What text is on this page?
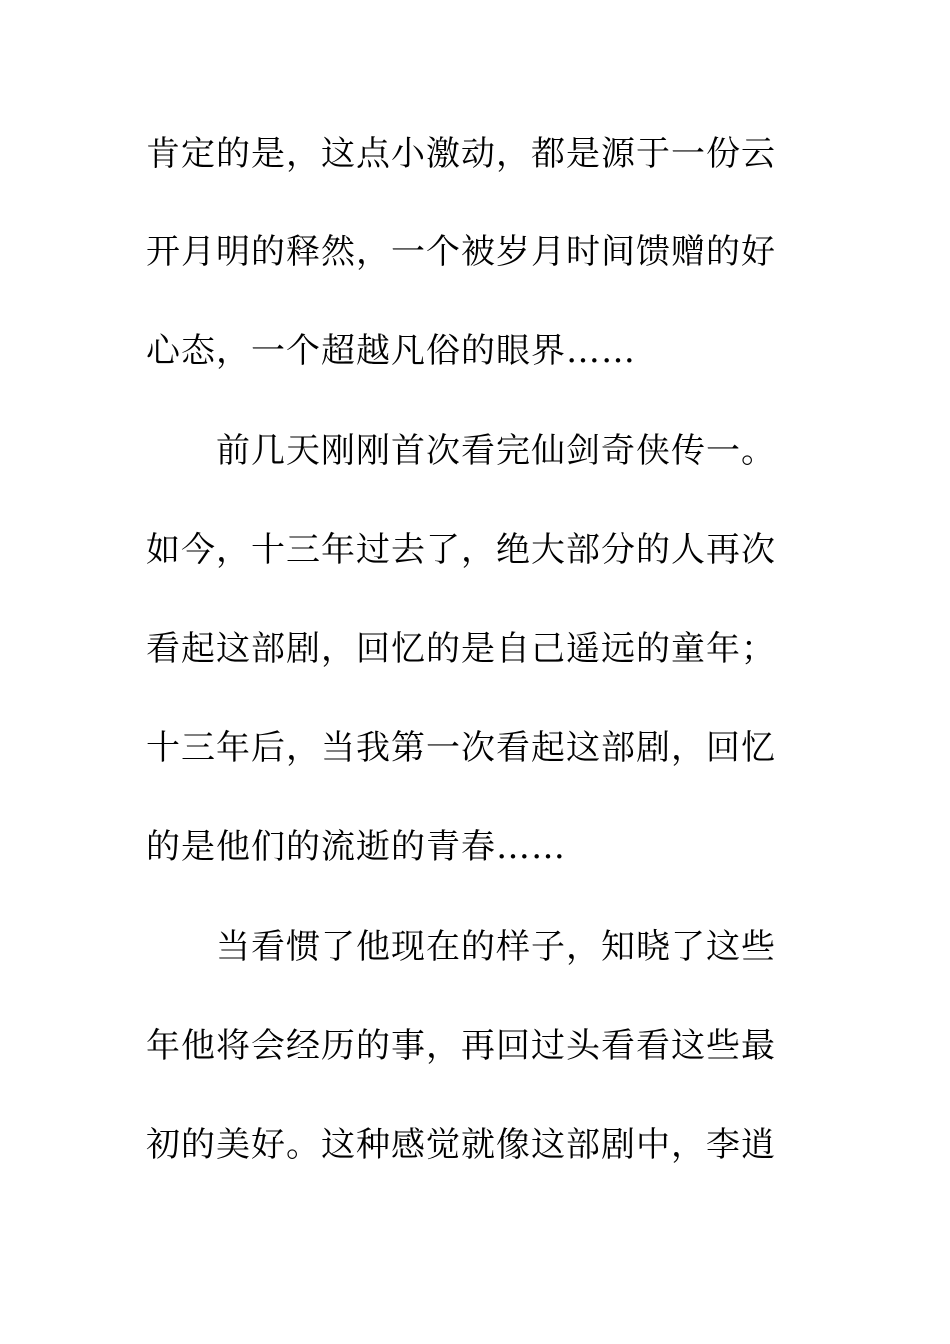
肯定的是，这点小激动，都是源于一份云
开月明的释然，一个被岁月时间馈赠的好
心态，一个超越凡俗的眼界……
前几天刚刚首次看完仙剑奇侠传一。
如今，十三年过去了，绝大部分的人再次
看起这部剧，回忆的是自己遥远的童年；
十三年后，当我第一次看起这部剧，回忆
的是他们的流逝的青春……
当看惯了他现在的样子，知晓了这些
年他将会经历的事，再回过头看看这些最
初的美好。这种感觉就像这部剧中，李逍
